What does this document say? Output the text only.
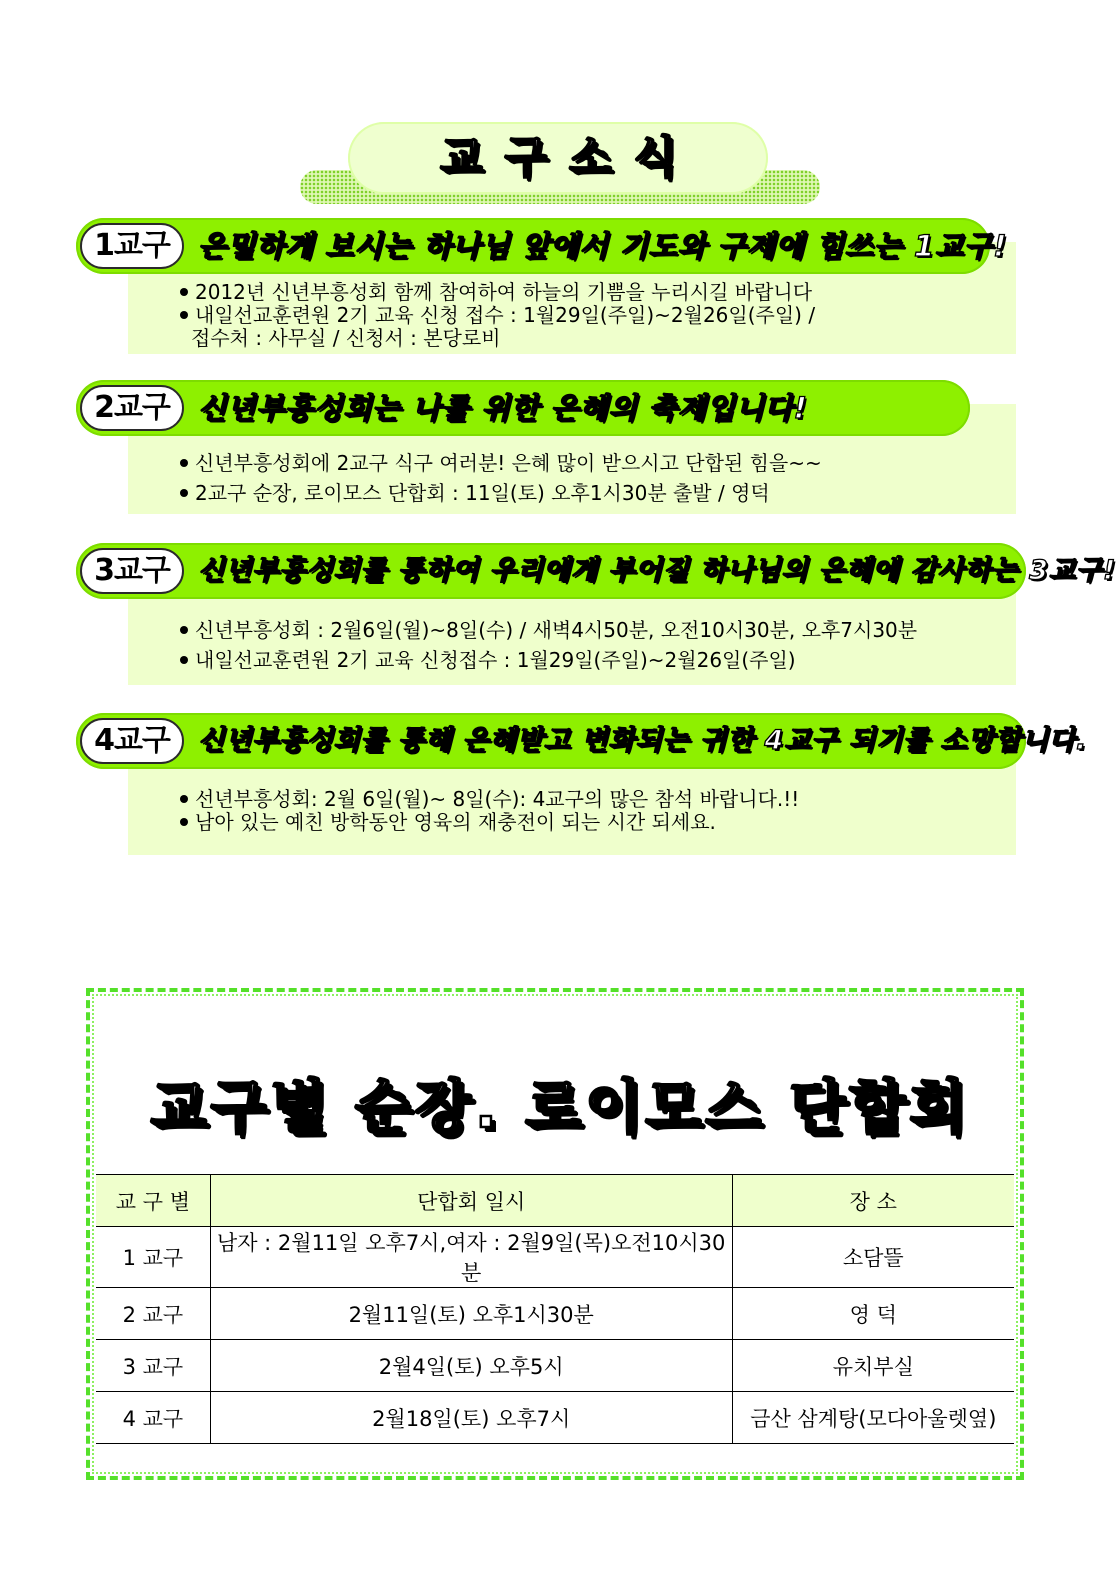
교구소식
1교구 은밀하게 보시는 하나님 앞에서 기도와 구제에 힘쓰는 1교구!
2012년 신년부흥성회 함께 참여하여 하늘의 기쁨을 누리시길 바랍니다
내일선교훈련원 2기 교육 신청 접수 : 1월29일(주일)~2월26일(주일) /
접수처 : 사무실 / 신청서 : 본당로비
2교구 신년부흥성회는 나를 위한 은혜의 축제입니다!
신년부흥성회에 2교구 식구 여러분! 은혜 많이 받으시고 단합된 힘을~~
2교구 순장, 로이모스 단합회 : 11일(토) 오후1시30분 출발 / 영덕
3교구	신년부흥성회를 통하여 우리에게 부어질 하나님의 은혜에 감사하는 3교구!
신년부흥성회 : 2월6일(월)~8일(수) / 새벽4시50분, 오전10시30분, 오후7시30분
내일선교훈련원 2기 교육 신청접수 : 1월29일(주일)~2월26일(주일)
4교구	신년부흥성회를 통해 은혜받고 변화되는 귀한 4교구 되기를 소망합니다.
선년부흥성회: 2월 6일(월)~ 8일(수): 4교구의 많은 참석 바랍니다.!!
남아 있는 예친 방학동안 영육의 재충전이 되는 시간 되세요.
교구별 순장. 로이모스 단합회
교 구 별	단합회 일시	장 소
1 교구	남자 : 2월11일 오후7시,여자 : 2월9일(목)오전10시30분	소담뜰
2 교구	2월11일(토) 오후1시30분	영 덕
3 교구	2월4일(토) 오후5시	유치부실
4 교구	2월18일(토) 오후7시	금산 삼계탕(모다아울렛옆)
